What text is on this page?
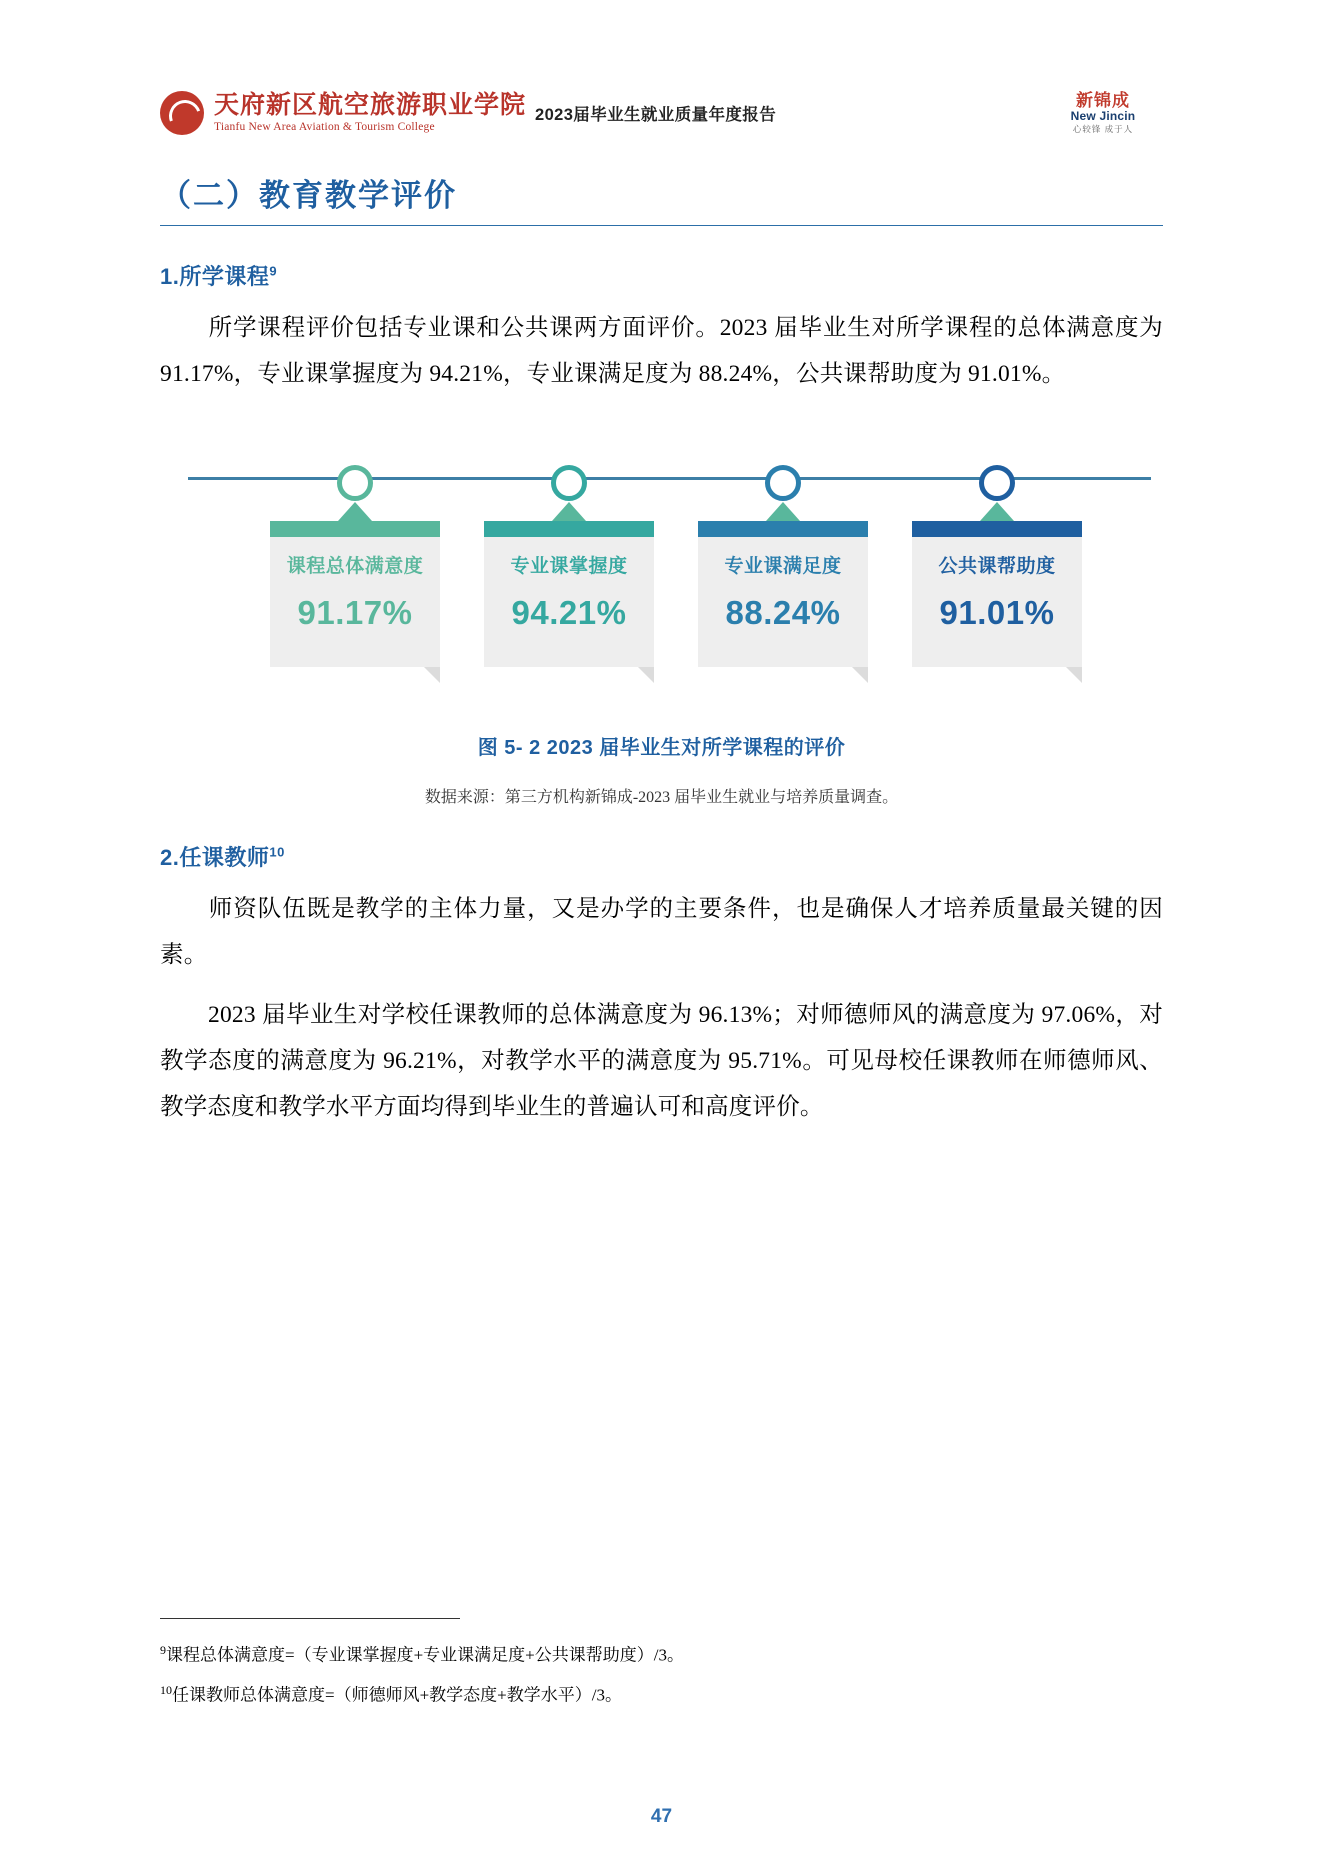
天府新区航空旅游职业学院
Tianfu New Area Aviation & Tourism College
2023届毕业生就业质量年度报告
新锦成
New Jincin
心较锋 成于人
（二）教育教学评价
1.所学课程$^9$

所学课程评价包括专业课和公共课两方面评价。2023 届毕业生对所学课程的总体满意度为 91.17%，专业课掌握度为 94.21%，专业课满足度为 88.24%，公共课帮助度为 91.01%。

课程总体满意度
91.17%
专业课掌握度
94.21%
专业课满足度
88.24%
公共课帮助度
91.01%
图 5- 2 2023 届毕业生对所学课程的评价
数据来源：第三方机构新锦成-2023 届毕业生就业与培养质量调查。
2.任课教师$^{10}$

师资队伍既是教学的主体力量，又是办学的主要条件，也是确保人才培养质量最关键的因素。

2023 届毕业生对学校任课教师的总体满意度为 96.13%；对师德师风的满意度为 97.06%，对教学态度的满意度为 96.21%，对教学水平的满意度为 95.71%。可见母校任课教师在师德师风、教学态度和教学水平方面均得到毕业生的普遍认可和高度评价。

$^9$课程总体满意度=（专业课掌握度+专业课满足度+公共课帮助度）/3。
$^{10}$任课教师总体满意度=（师德师风+教学态度+教学水平）/3。
47
